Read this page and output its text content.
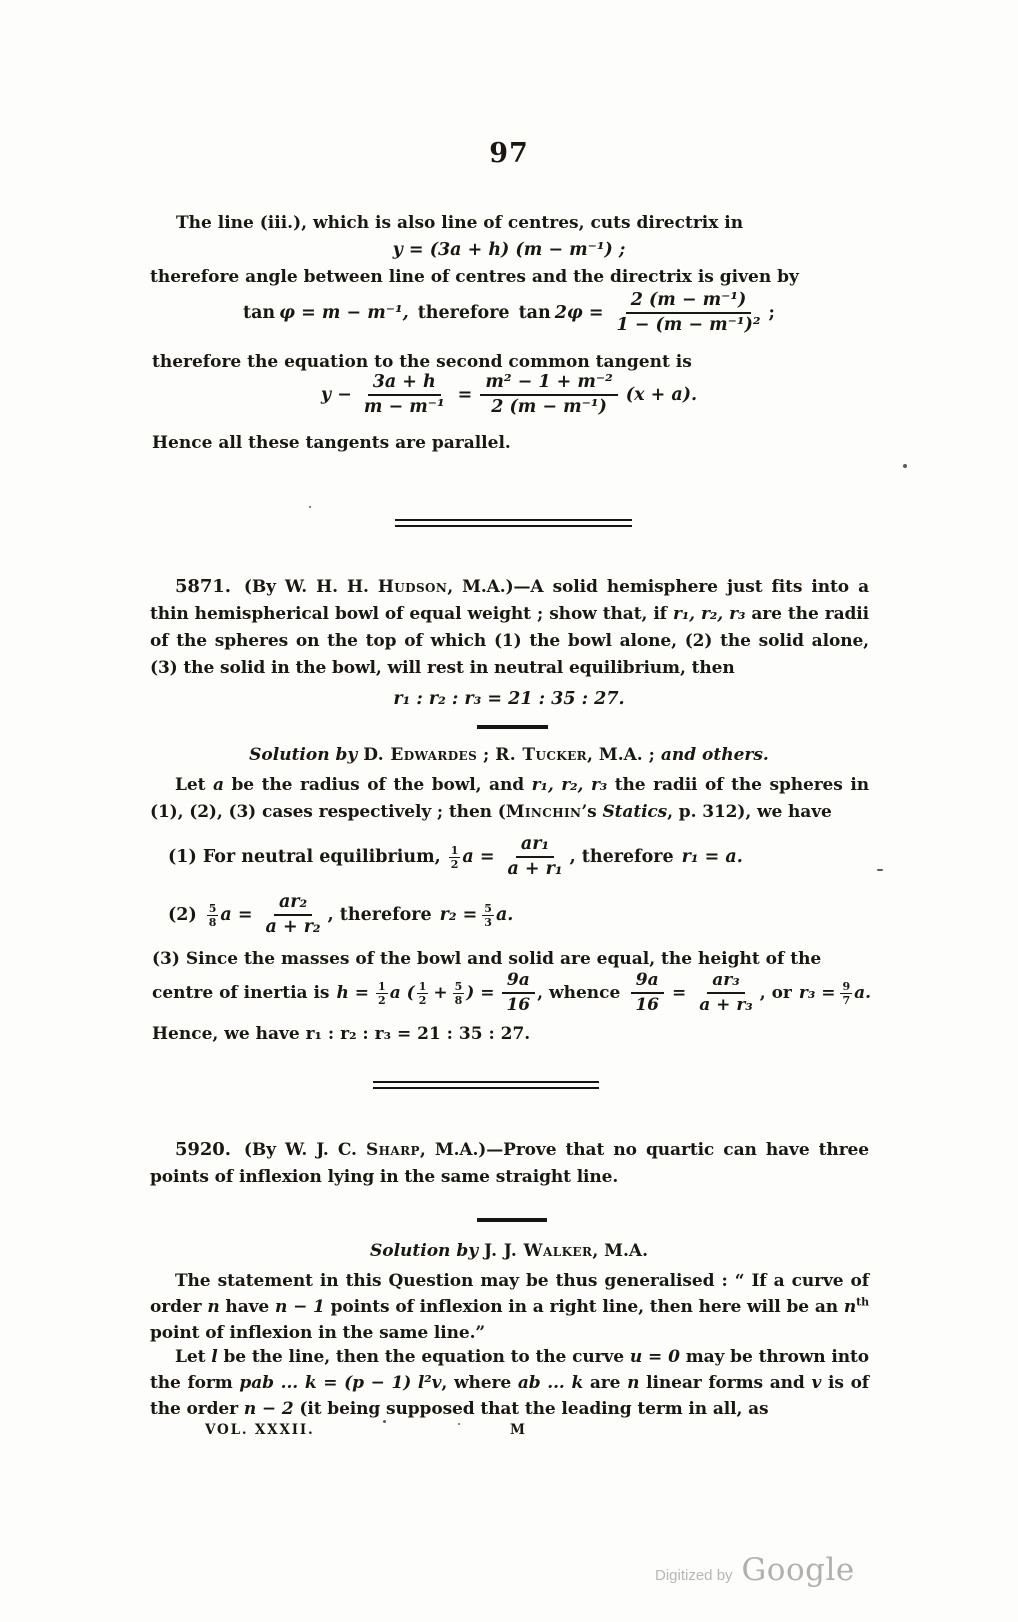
97
The line (iii.), which is also line of centres, cuts directrix in
y = (3a + h) (m − m⁻¹) ;
therefore angle between line of centres and the directrix is given by
tan φ = m − m⁻¹, therefore $\tan 2\varphi = \frac{\text{2 (m − m⁻¹)}}{\text{1 − (m − m⁻¹)²}}$ ;
therefore the equation to the second common tangent is
$y - \frac{3a + h}{\text{m − m⁻¹}} = \frac{\text{m² − 1 + m⁻²}}{\text{2 (m − m⁻¹)}} (x + a)$.
Hence all these tangents are parallel.

5871. (By W. H. H. Hudson, M.A.)—A solid hemisphere just fits into a thin hemispherical bowl of equal weight ; show that, if r₁, r₂, r₃ are the radii of the spheres on the top of which (1) the bowl alone, (2) the solid alone, (3) the solid in the bowl, will rest in neutral equilibrium, then

r₁ : r₂ : r₃ = 21 : 35 : 27.
Solution by D. Edwardes ; R. Tucker, M.A. ; and others.

Let a be the radius of the bowl, and r₁, r₂, r₃ the radii of the spheres in (1), (2), (3) cases respectively ; then (Minchin’s Statics, p. 312), we have

(1) For neutral equilibrium, $\frac{1}{2}$ $a = \frac{\text{ar₁}}{\text{a + r₁}}$ , therefore r₁ = a.
$(2) \frac{5}{8}$ $a = \frac{\text{ar₂}}{\text{a + r₂}}$ , therefore $r_2 = \frac{5}{3} a$.
(3) Since the masses of the bowl and solid are equal, the height of the
centre of inertia is $h = \frac{1}{2}$ a ( $\frac{1}{2} + \frac{5}{8}$ ) = $\frac{9a}{16}$ , whence $\frac{9a}{16} = \frac{\text{ar₃}}{\text{a + r₃}}$ , or $r_3 = \frac{9}{7} a$.
Hence, we have r₁ : r₂ : r₃ = 21 : 35 : 27.

5920. (By W. J. C. Sharp, M.A.)—Prove that no quartic can have three points of inflexion lying in the same straight line.

Solution by J. J. Walker, M.A.

The statement in this Question may be thus generalised : “ If a curve of order n have n − 1 points of inflexion in a right line, then here will be an $n^{th}$ point of inflexion in the same line.”

Let l be the line, then the equation to the curve u = 0 may be thrown into the form pab ... k = (p − 1) l²v, where ab ... k are n linear forms and v is of the order n − 2 (it being supposed that the leading term in all, as

VOL. XXXII.	M
Digitized by Google
